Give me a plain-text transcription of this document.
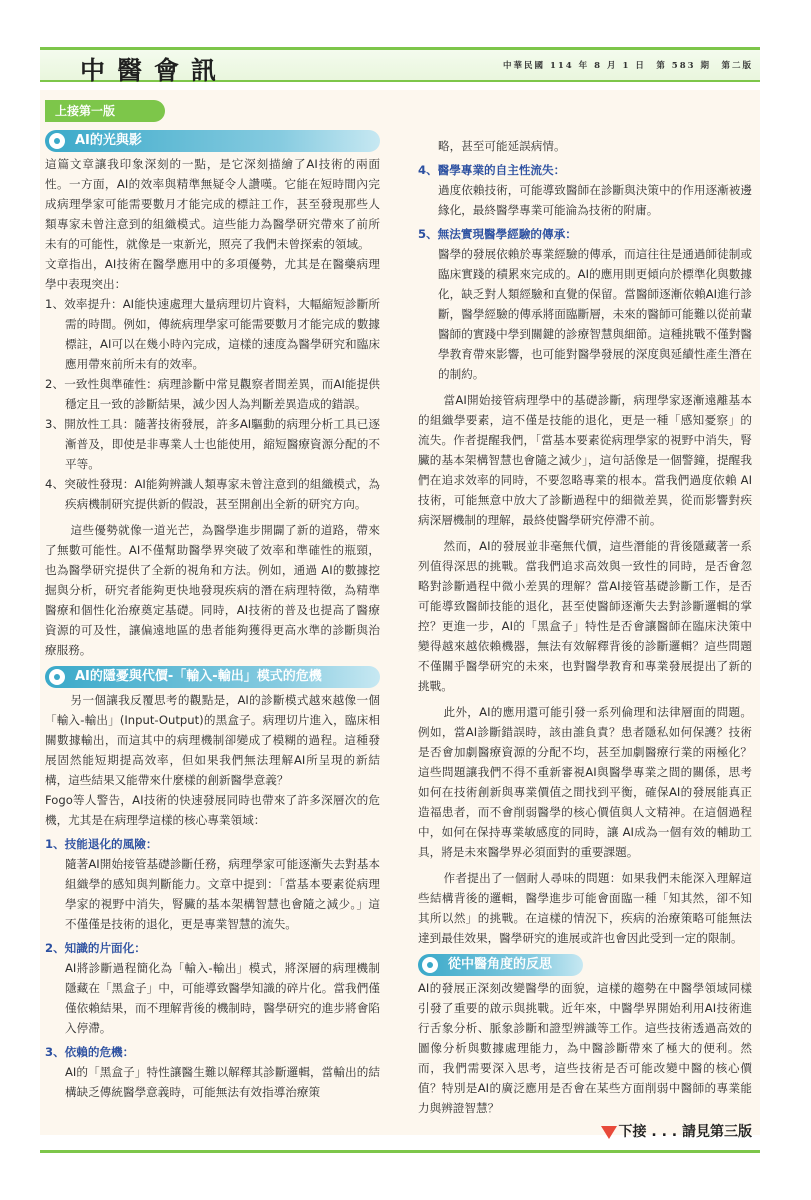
中醫會訊	中華民國 114 年 8 月 1 日　第 583 期　第二版
上接第一版
AI的光與影

這篇文章讓我印象深刻的一點，是它深刻描繪了AI技術的兩面性。一方面，AI的效率與精準無疑令人讚嘆。它能在短時間內完成病理學家可能需要數月才能完成的標註工作，甚至發現那些人類專家未曾注意到的組織模式。這些能力為醫學研究帶來了前所未有的可能性，就像是一束新光，照亮了我們未曾探索的領域。

文章指出，AI技術在醫學應用中的多項優勢，尤其是在醫藥病理學中表現突出：

1、效率提升：AI能快速處理大量病理切片資料，大幅縮短診斷所需的時間。例如，傳統病理學家可能需要數月才能完成的數據標註，AI可以在幾小時內完成，這樣的速度為醫學研究和臨床應用帶來前所未有的效率。

2、一致性與準確性：病理診斷中常見觀察者間差異，而AI能提供穩定且一致的診斷結果，減少因人為判斷差異造成的錯誤。

3、開放性工具：隨著技術發展，許多AI驅動的病理分析工具已逐漸普及，即使是非專業人士也能使用，縮短醫療資源分配的不平等。

4、突破性發現：AI能夠辨識人類專家未曾注意到的組織模式，為疾病機制研究提供新的假設，甚至開創出全新的研究方向。

這些優勢就像一道光芒，為醫學進步開闢了新的道路，帶來了無數可能性。AI不僅幫助醫學界突破了效率和準確性的瓶頸，也為醫學研究提供了全新的視角和方法。例如，通過 AI的數據挖掘與分析，研究者能夠更快地發現疾病的潛在病理特徵，為精準醫療和個性化治療奠定基礎。同時，AI技術的普及也提高了醫療資源的可及性，讓偏遠地區的患者能夠獲得更高水準的診斷與治療服務。

AI的隱憂與代價-「輸入-輸出」模式的危機

另一個讓我反覆思考的觀點是，AI的診斷模式越來越像一個「輸入-輸出」(Input-Output)的黑盒子。病理切片進入，臨床相關數據輸出，而這其中的病理機制卻變成了模糊的過程。這種發展固然能短期提高效率，但如果我們無法理解AI所呈現的新結構，這些結果又能帶來什麼樣的創新醫學意義？

Fogo等人警告，AI技術的快速發展同時也帶來了許多深層次的危機，尤其是在病理學這樣的核心專業領域：

1、技能退化的風險：

隨著AI開始接管基礎診斷任務，病理學家可能逐漸失去對基本組織學的感知與判斷能力。文章中提到：「當基本要素從病理學家的視野中消失，腎臟的基本架構智慧也會隨之減少。」這不僅僅是技術的退化，更是專業智慧的流失。

2、知識的片面化：

AI將診斷過程簡化為「輸入-輸出」模式，將深層的病理機制隱藏在「黑盒子」中，可能導致醫學知識的碎片化。當我們僅僅依賴結果，而不理解背後的機制時，醫學研究的進步將會陷入停滯。

3、依賴的危機：

AI的「黑盒子」特性讓醫生難以解釋其診斷邏輯，當輸出的結構缺乏傳統醫學意義時，可能無法有效指導治療策

略，甚至可能延誤病情。

4、醫學專業的自主性流失：

過度依賴技術，可能導致醫師在診斷與決策中的作用逐漸被邊緣化，最終醫學專業可能淪為技術的附庸。

5、無法實現醫學經驗的傳承：

醫學的發展依賴於專業經驗的傳承，而這往往是通過師徒制或臨床實踐的積累來完成的。AI的應用則更傾向於標準化與數據化，缺乏對人類經驗和直覺的保留。當醫師逐漸依賴AI進行診斷，醫學經驗的傳承將面臨斷層，未來的醫師可能難以從前輩醫師的實踐中學到關鍵的診療智慧與細節。這種挑戰不僅對醫學教育帶來影響，也可能對醫學發展的深度與延續性產生潛在的制約。

當AI開始接管病理學中的基礎診斷，病理學家逐漸遠離基本的組織學要素，這不僅是技能的退化，更是一種「感知憂察」的流失。作者提醒我們，「當基本要素從病理學家的視野中消失，腎臟的基本架構智慧也會隨之減少」，這句話像是一個警鐘，提醒我們在追求效率的同時，不要忽略專業的根本。當我們過度依賴 AI技術，可能無意中放大了診斷過程中的細微差異，從而影響對疾病深層機制的理解，最終使醫學研究停滯不前。

然而，AI的發展並非毫無代價，這些潛能的背後隱藏著一系列值得深思的挑戰。當我們追求高效與一致性的同時，是否會忽略對診斷過程中微小差異的理解？當AI接管基礎診斷工作，是否可能導致醫師技能的退化，甚至使醫師逐漸失去對診斷邏輯的掌控？更進一步，AI的「黑盒子」特性是否會讓醫師在臨床決策中變得越來越依賴機器，無法有效解釋背後的診斷邏輯？這些問題不僅關乎醫學研究的未來，也對醫學教育和專業發展提出了新的挑戰。

此外，AI的應用還可能引發一系列倫理和法律層面的問題。例如，當AI診斷錯誤時，該由誰負責？患者隱私如何保護？技術是否會加劇醫療資源的分配不均，甚至加劇醫療行業的兩極化？這些問題讓我們不得不重新審視AI與醫學專業之間的關係，思考如何在技術創新與專業價值之間找到平衡，確保AI的發展能真正造福患者，而不會削弱醫學的核心價值與人文精神。在這個過程中，如何在保持專業敏感度的同時，讓 AI成為一個有效的輔助工具，將是未來醫學界必須面對的重要課題。

作者提出了一個耐人尋味的問題：如果我們未能深入理解這些結構背後的邏輯，醫學進步可能會面臨一種「知其然，卻不知其所以然」的挑戰。在這樣的情況下，疾病的治療策略可能無法達到最佳效果，醫學研究的進展或許也會因此受到一定的限制。

從中醫角度的反思

AI的發展正深刻改變醫學的面貌，這樣的趨勢在中醫學領域同樣引發了重要的啟示與挑戰。近年來，中醫學界開始利用AI技術進行舌象分析、脈象診斷和證型辨識等工作。這些技術透過高效的圖像分析與數據處理能力，為中醫診斷帶來了極大的便利。然而，我們需要深入思考，這些技術是否可能改變中醫的核心價值？特別是AI的廣泛應用是否會在某些方面削弱中醫師的專業能力與辨證智慧？

下接 . . . 請見第三版
